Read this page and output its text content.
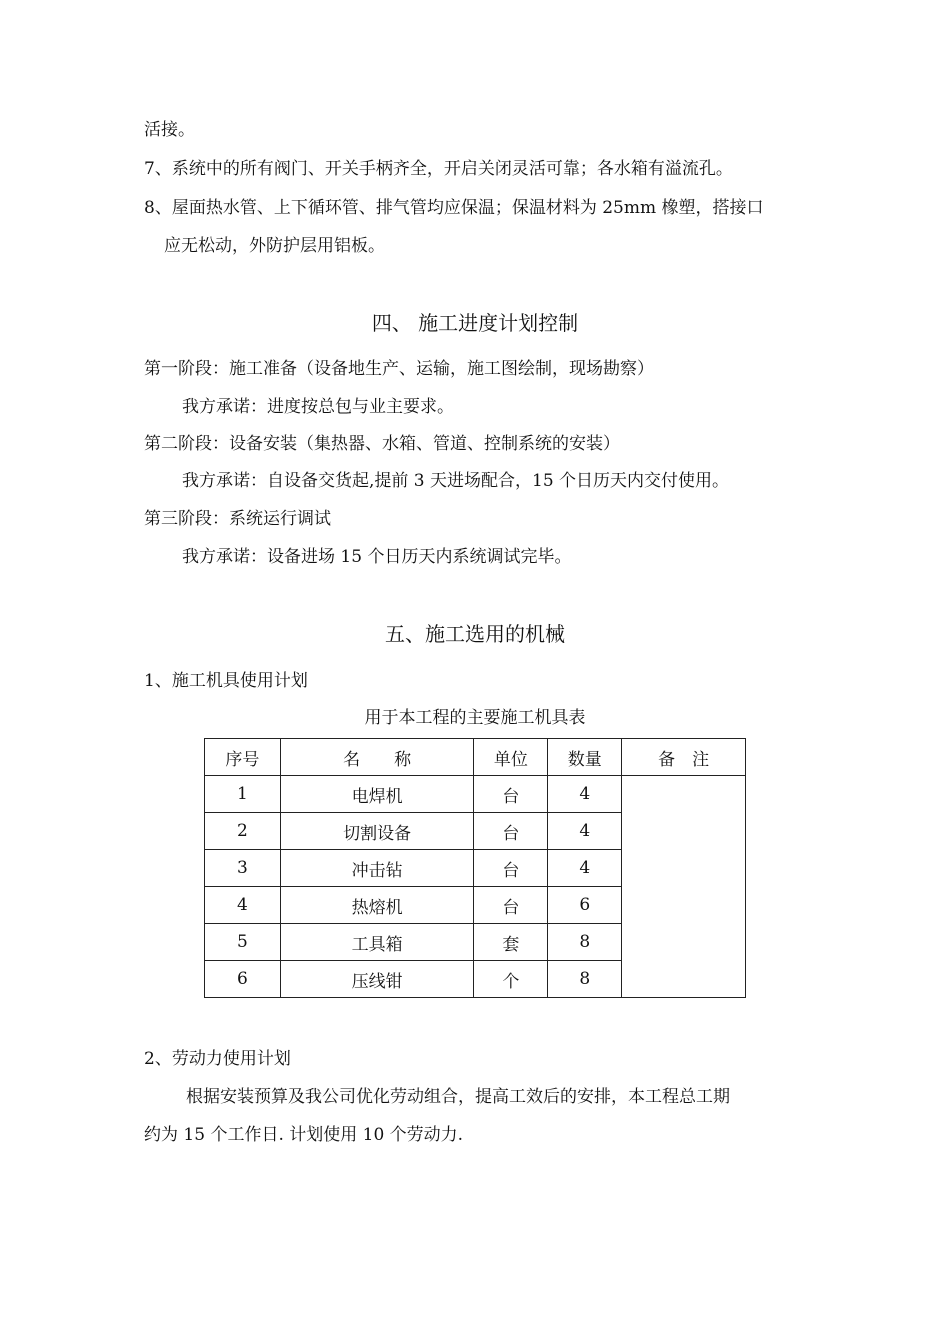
活接。
7、系统中的所有阀门、开关手柄齐全，开启关闭灵活可靠；各水箱有溢流孔。
8、屋面热水管、上下循环管、排气管均应保温；保温材料为 25mm 橡塑，搭接口
应无松动，外防护层用铝板。
四、 施工进度计划控制
第一阶段：施工准备（设备地生产、运输，施工图绘制，现场勘察）
我方承诺：进度按总包与业主要求。
第二阶段：设备安装（集热器、水箱、管道、控制系统的安装）
我方承诺：自设备交货起,提前 3 天进场配合，15 个日历天内交付使用。
第三阶段：系统运行调试
我方承诺：设备进场 15 个日历天内系统调试完毕。
五、施工选用的机械
1、施工机具使用计划
用于本工程的主要施工机具表
序号	名　　称	单位	数量	备　注
1	电焊机	台	4	
2	切割设备	台	4	
3	冲击钻	台	4	
4	热熔机	台	6	
5	工具箱	套	8	
6	压线钳	个	8	
2、劳动力使用计划
根据安装预算及我公司优化劳动组合，提高工效后的安排，本工程总工期
约为 15 个工作日. 计划使用 10 个劳动力.
